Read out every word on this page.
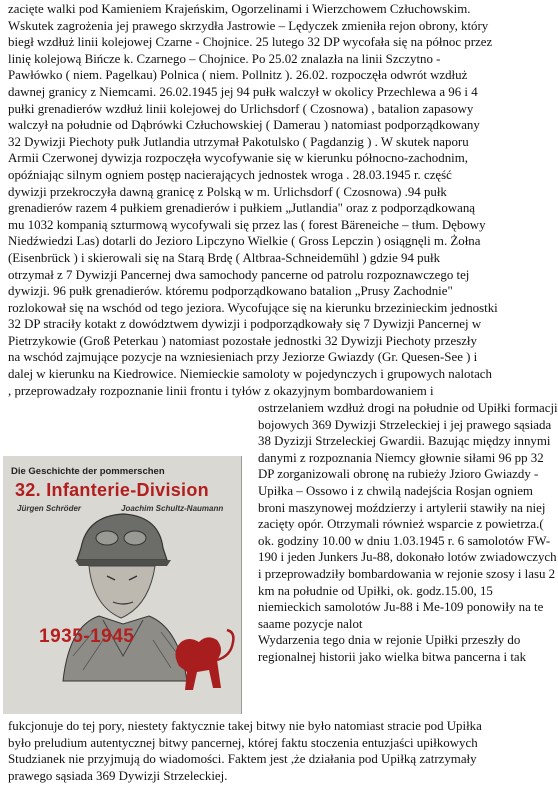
zacięte walki pod Kamieniem Krajeńskim, Ogorzelinami i Wierzchowem Człuchowskim.
Wskutek zagrożenia jej prawego skrzydła Jastrowie – Lędyczek zmieniła rejon obrony, który
biegł wzdłuż linii kolejowej Czarne - Chojnice. 25 lutego 32 DP wycofała się na północ przez
linię kolejową Bińcze k. Czarnego – Chojnice. Po 25.02 znalazła na linii Szczytno -
Pawłówko ( niem. Pagelkau) Polnica ( niem. Pollnitz ). 26.02. rozpoczęła odwrót wzdłuż
dawnej granicy z Niemcami. 26.02.1945 jej 94 pułk walczył w okolicy Przechlewa a 96 i 4
pułki grenadierów wzdłuż linii kolejowej do Urlichsdorf ( Czosnowa) , batalion zapasowy
walczył na południe od Dąbrówki Człuchowskiej ( Damerau ) natomiast podporządkowany
32 Dywizji Piechoty pułk Jutlandia utrzymał Pakotulsko ( Pagdanzig ) . W skutek naporu
Armii Czerwonej dywizja rozpoczęła wycofywanie się w kierunku północno-zachodnim,
opóźniając silnym ogniem postęp nacierających jednostek wroga . 28.03.1945 r. część
dywizji przekroczyła dawną granicę z Polską w m. Urlichsdorf ( Czosnowa) .94 pułk
grenadierów razem 4 pułkiem grenadierów i pułkiem „Jutlandia" oraz z podporządkowaną
mu 1032 kompanią szturmową wycofywali się przez las ( forest Bäreneiche – tłum. Dębowy
Niedźwiedzi Las) dotarli do Jezioro Lipczyno Wielkie ( Gross Lepczin ) osiągnęli m. Żołna
(Eisenbrück ) i skierowali się na Starą Brdę ( Altbraa-Schneidemühl ) gdzie 94 pułk
otrzymał z 7 Dywizji Pancernej dwa samochody pancerne od patrolu rozpoznawczego tej
dywizji. 96 pułk grenadierów. któremu podporządkowano batalion „Prusy Zachodnie"
rozlokował się na wschód od tego jeziora. Wycofujące się na kierunku brzezinieckim jednostki
32 DP straciły kotakt z dowództwem dywizji i podporządkowały się 7 Dywizji Pancernej w
Pietrzykowie (Groß Peterkau ) natomiast pozostałe jednostki 32 Dywizji Piechoty przeszły
na wschód zajmujące pozycje na wzniesieniach przy Jeziorze Gwiazdy (Gr. Quesen-See ) i
dalej w kierunku na Kiedrowice. Niemieckie samoloty w pojedynczych i grupowych nalotach
, przeprowadzały rozpoznanie linii frontu i tyłów z okazyjnym bombardowaniem i
Die Geschichte der pommerschen
32. Infanterie-Division
Jürgen Schröder	Joachim Schultz-Naumann
1935-1945
ostrzelaniem wzdłuż drogi na południe od Upiłki formacji
bojowych 369 Dywizji Strzeleckiej i jej prawego sąsiada
38 Dyzizji Strzeleckiej Gwardii. Bazując między innymi
danymi z rozpoznania Niemcy głownie siłami 96 pp 32
DP zorganizowali obronę na rubieży Jzioro Gwiazdy -
Upiłka – Ossowo i z chwilą nadejścia Rosjan ogniem
broni maszynowej moździerzy i artylerii stawiły na niej
zacięty opór. Otrzymali również wsparcie z powietrza.(
ok. godziny 10.00 w dniu 1.03.1945 r. 6 samolotów FW-
190 i jeden Junkers Ju-88, dokonało lotów zwiadowczych
i przeprowadziły bombardowania w rejonie szosy i lasu 2
km na południe od Upiłki, ok. godz.15.00, 15
niemieckich samolotów Ju-88 i Me-109 ponowiły na te
saame pozycje nalot
Wydarzenia tego dnia w rejonie Upiłki przeszły do
regionalnej historii jako wielka bitwa pancerna i tak
fukcjonuje do tej pory, niestety faktycznie takej bitwy nie było natomiast stracie pod Upiłka
było preludium autentycznej bitwy pancernej, której faktu stoczenia entuzjaści upiłkowych
Studzianek nie przyjmują do wiadomości. Faktem jest ,że działania pod Upiłką zatrzymały
prawego sąsiada 369 Dywizji Strzeleckiej.
